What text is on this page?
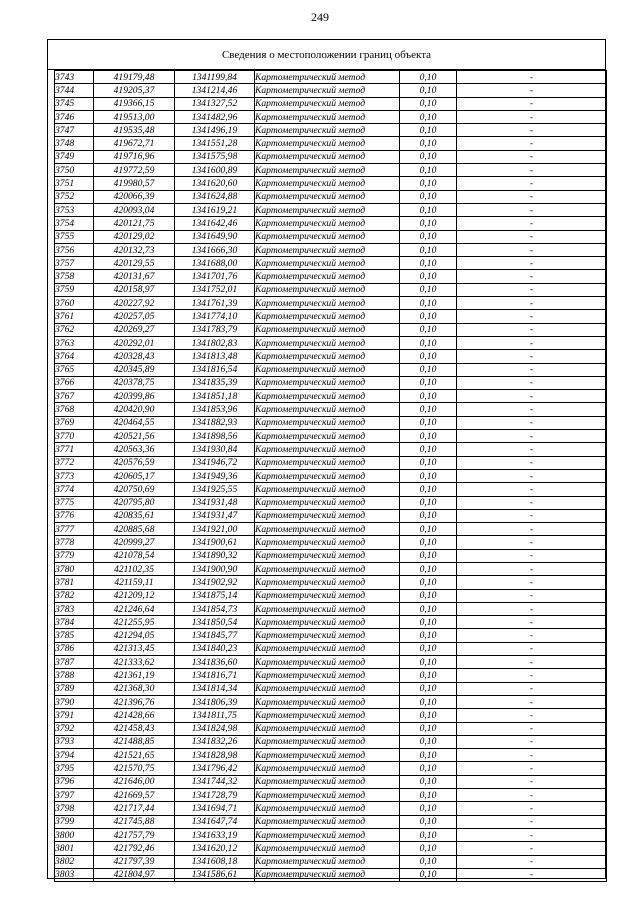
249
Сведения о местоположении границ объекта
3743	419179,48	1341199,84	Картометрический метод	0,10	-
3744	419205,37	1341214,46	Картометрический метод	0,10	-
3745	419366,15	1341327,52	Картометрический метод	0,10	-
3746	419513,00	1341482,96	Картометрический метод	0,10	-
3747	419535,48	1341496,19	Картометрический метод	0,10	-
3748	419672,71	1341551,28	Картометрический метод	0,10	-
3749	419716,96	1341575,98	Картометрический метод	0,10	-
3750	419772,59	1341600,89	Картометрический метод	0,10	-
3751	419980,57	1341620,60	Картометрический метод	0,10	-
3752	420066,39	1341624,88	Картометрический метод	0,10	-
3753	420093,04	1341619,21	Картометрический метод	0,10	-
3754	420121,75	1341642,46	Картометрический метод	0,10	-
3755	420129,02	1341649,90	Картометрический метод	0,10	-
3756	420132,73	1341666,30	Картометрический метод	0,10	-
3757	420129,55	1341688,00	Картометрический метод	0,10	-
3758	420131,67	1341701,76	Картометрический метод	0,10	-
3759	420158,97	1341752,01	Картометрический метод	0,10	-
3760	420227,92	1341761,39	Картометрический метод	0,10	-
3761	420257,05	1341774,10	Картометрический метод	0,10	-
3762	420269,27	1341783,79	Картометрический метод	0,10	-
3763	420292,01	1341802,83	Картометрический метод	0,10	-
3764	420328,43	1341813,48	Картометрический метод	0,10	-
3765	420345,89	1341816,54	Картометрический метод	0,10	-
3766	420378,75	1341835,39	Картометрический метод	0,10	-
3767	420399,86	1341851,18	Картометрический метод	0,10	-
3768	420420,90	1341853,96	Картометрический метод	0,10	-
3769	420464,55	1341882,93	Картометрический метод	0,10	-
3770	420521,56	1341898,56	Картометрический метод	0,10	-
3771	420563,36	1341930,84	Картометрический метод	0,10	-
3772	420576,59	1341946,72	Картометрический метод	0,10	-
3773	420605,17	1341949,36	Картометрический метод	0,10	-
3774	420750,69	1341925,55	Картометрический метод	0,10	-
3775	420795,80	1341931,48	Картометрический метод	0,10	-
3776	420835,61	1341931,47	Картометрический метод	0,10	-
3777	420885,68	1341921,00	Картометрический метод	0,10	-
3778	420999,27	1341900,61	Картометрический метод	0,10	-
3779	421078,54	1341890,32	Картометрический метод	0,10	-
3780	421102,35	1341900,90	Картометрический метод	0,10	-
3781	421159,11	1341902,92	Картометрический метод	0,10	-
3782	421209,12	1341875,14	Картометрический метод	0,10	-
3783	421246,64	1341854,73	Картометрический метод	0,10	-
3784	421255,95	1341850,54	Картометрический метод	0,10	-
3785	421294,05	1341845,77	Картометрический метод	0,10	-
3786	421313,45	1341840,23	Картометрический метод	0,10	-
3787	421333,62	1341836,60	Картометрический метод	0,10	-
3788	421361,19	1341816,71	Картометрический метод	0,10	-
3789	421368,30	1341814,34	Картометрический метод	0,10	-
3790	421396,76	1341806,39	Картометрический метод	0,10	-
3791	421428,66	1341811,75	Картометрический метод	0,10	-
3792	421458,43	1341824,98	Картометрический метод	0,10	-
3793	421488,85	1341832,26	Картометрический метод	0,10	-
3794	421521,65	1341828,98	Картометрический метод	0,10	-
3795	421570,75	1341796,42	Картометрический метод	0,10	-
3796	421646,00	1341744,32	Картометрический метод	0,10	-
3797	421669,57	1341728,79	Картометрический метод	0,10	-
3798	421717,44	1341694,71	Картометрический метод	0,10	-
3799	421745,88	1341647,74	Картометрический метод	0,10	-
3800	421757,79	1341633,19	Картометрический метод	0,10	-
3801	421792,46	1341620,12	Картометрический метод	0,10	-
3802	421797,39	1341608,18	Картометрический метод	0,10	-
3803	421804,97	1341586,61	Картометрический метод	0,10	-
